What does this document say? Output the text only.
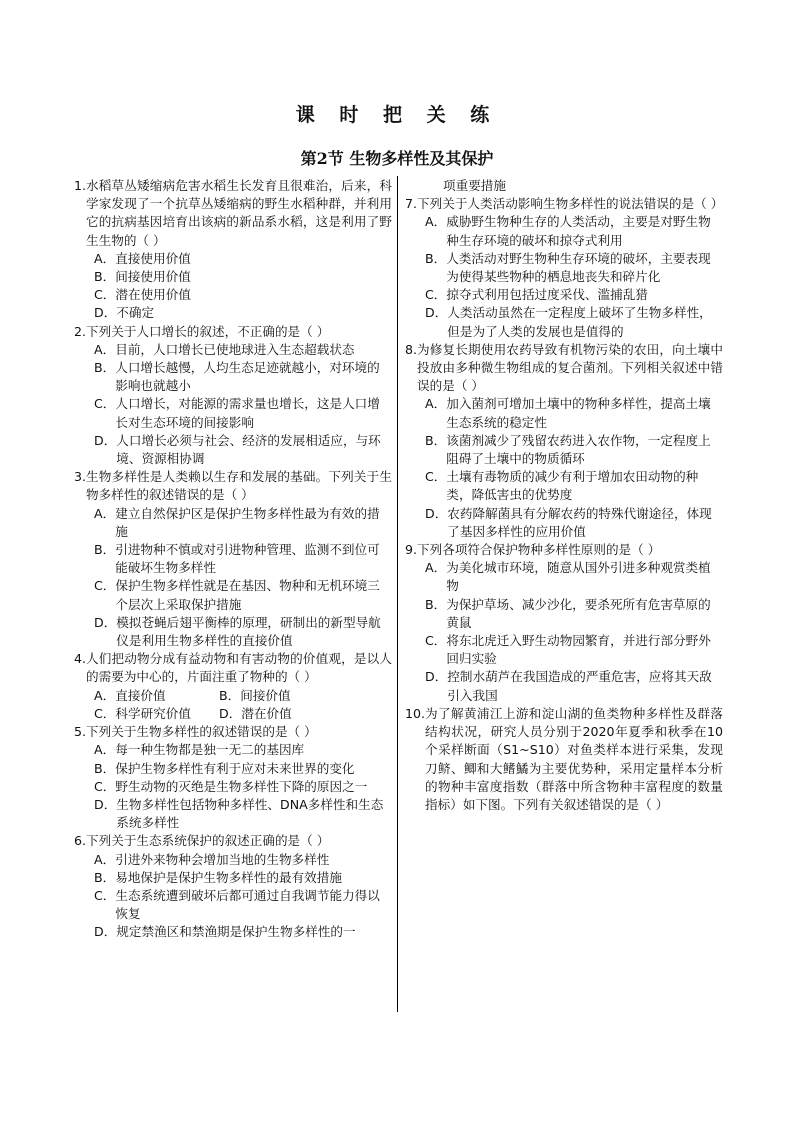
课 时 把 关 练
第2节 生物多样性及其保护
1. 水稻草丛矮缩病危害水稻生长发育且很难治，后来，科学家发现了一个抗草丛矮缩病的野生水稻种群，并利用它的抗病基因培育出该病的新品系水稻，这是利用了野生生物的（ ）
A． 直接使用价值
B． 间接使用价值
C． 潜在使用价值
D． 不确定
2. 下列关于人口增长的叙述，不正确的是（ ）
A． 目前，人口增长已使地球进入生态超载状态
B． 人口增长越慢，人均生态足迹就越小，对环境的影响也就越小
C． 人口增长，对能源的需求量也增长，这是人口增长对生态环境的间接影响
D． 人口增长必须与社会、经济的发展相适应，与环境、资源相协调
3. 生物多样性是人类赖以生存和发展的基础。下列关于生物多样性的叙述错误的是（ ）
A． 建立自然保护区是保护生物多样性最为有效的措施
B． 引进物种不慎或对引进物种管理、监测不到位可能破坏生物多样性
C． 保护生物多样性就是在基因、物种和无机环境三个层次上采取保护措施
D． 模拟苍蝇后翅平衡棒的原理，研制出的新型导航仪是利用生物多样性的直接价值
4. 人们把动物分成有益动物和有害动物的价值观，是以人的需要为中心的，片面注重了物种的（ ）
A． 直接价值	B． 间接价值
C． 科学研究价值 D． 潜在价值
5. 下列关于生物多样性的叙述错误的是（ ）
A． 每一种生物都是独一无二的基因库
B． 保护生物多样性有利于应对未来世界的变化
C． 野生动物的灭绝是生物多样性下降的原因之一
D． 生物多样性包括物种多样性、DNA多样性和生态系统多样性
6. 下列关于生态系统保护的叙述正确的是（ ）
A． 引进外来物种会增加当地的生物多样性
B． 易地保护是保护生物多样性的最有效措施
C． 生态系统遭到破坏后都可通过自我调节能力得以恢复
D． 规定禁渔区和禁渔期是保护生物多样性的一
项重要措施
7. 下列关于人类活动影响生物多样性的说法错误的是（ ）
A． 威胁野生物种生存的人类活动，主要是对野生物种生存环境的破坏和掠夺式利用
B． 人类活动对野生物种生存环境的破坏，主要表现为使得某些物种的栖息地丧失和碎片化
C． 掠夺式利用包括过度采伐、滥捕乱猎
D． 人类活动虽然在一定程度上破坏了生物多样性，但是为了人类的发展也是值得的
8. 为修复长期使用农药导致有机物污染的农田，向土壤中投放由多种微生物组成的复合菌剂。下列相关叙述中错误的是（ ）
A． 加入菌剂可增加土壤中的物种多样性，提高土壤生态系统的稳定性
B． 该菌剂减少了残留农药进入农作物，一定程度上阻碍了土壤中的物质循环
C． 土壤有毒物质的减少有利于增加农田动物的种类，降低害虫的优势度
D． 农药降解菌具有分解农药的特殊代谢途径，体现了基因多样性的应用价值
9. 下列各项符合保护物种多样性原则的是（ ）
A． 为美化城市环境，随意从国外引进多种观赏类植物
B． 为保护草场、减少沙化，要杀死所有危害草原的黄鼠
C． 将东北虎迁入野生动物园繁育，并进行部分野外回归实验
D． 控制水葫芦在我国造成的严重危害，应将其天敌引入我国
10. 为了解黄浦江上游和淀山湖的鱼类物种多样性及群落结构状况，研究人员分别于2020年夏季和秋季在10个采样断面（S1~S10）对鱼类样本进行采集，发现刀鲚、鲫和大鳍鱊为主要优势种，采用定量样本分析的物种丰富度指数（群落中所含物种丰富程度的数量指标）如下图。下列有关叙述错误的是（ ）
